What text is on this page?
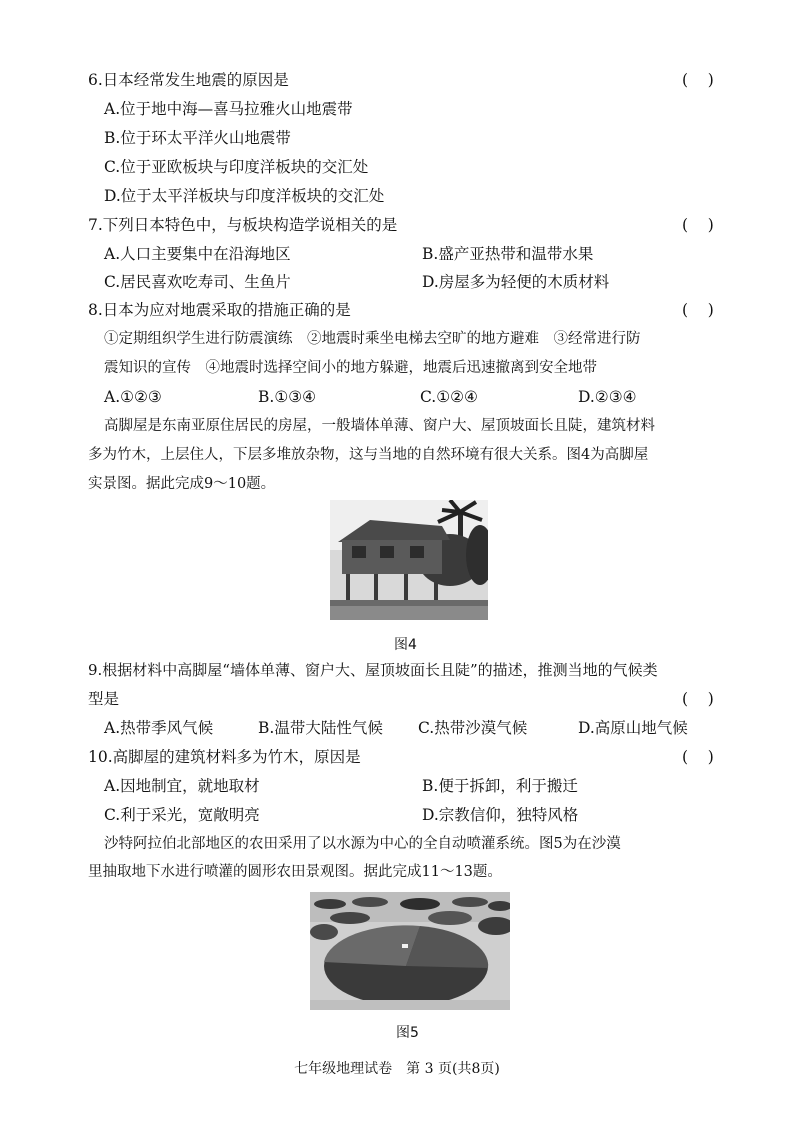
6.日本经常发生地震的原因是	(    )
A.位于地中海—喜马拉雅火山地震带
B.位于环太平洋火山地震带
C.位于亚欧板块与印度洋板块的交汇处
D.位于太平洋板块与印度洋板块的交汇处
7.下列日本特色中，与板块构造学说相关的是	(    )
A.人口主要集中在沿海地区	B.盛产亚热带和温带水果
C.居民喜欢吃寿司、生鱼片	D.房屋多为轻便的木质材料
8.日本为应对地震采取的措施正确的是	(    )
①定期组织学生进行防震演练　②地震时乘坐电梯去空旷的地方避难　③经常进行防
震知识的宣传　④地震时选择空间小的地方躲避，地震后迅速撤离到安全地带
A.①②③	B.①③④	C.①②④	D.②③④
高脚屋是东南亚原住居民的房屋，一般墙体单薄、窗户大、屋顶坡面长且陡，建筑材料
多为竹木，上层住人，下层多堆放杂物，这与当地的自然环境有很大关系。图4为高脚屋
实景图。据此完成9～10题。
图4
9.根据材料中高脚屋“墙体单薄、窗户大、屋顶坡面长且陡”的描述，推测当地的气候类
型是	(    )
A.热带季风气候	B.温带大陆性气候 C.热带沙漠气候	D.高原山地气候
10.高脚屋的建筑材料多为竹木，原因是	(    )
A.因地制宜，就地取材	B.便于拆卸，利于搬迁
C.利于采光，宽敞明亮	D.宗教信仰，独特风格
沙特阿拉伯北部地区的农田采用了以水源为中心的全自动喷灌系统。图5为在沙漠
里抽取地下水进行喷灌的圆形农田景观图。据此完成11～13题。
图5
七年级地理试卷　第 3 页(共8页)
